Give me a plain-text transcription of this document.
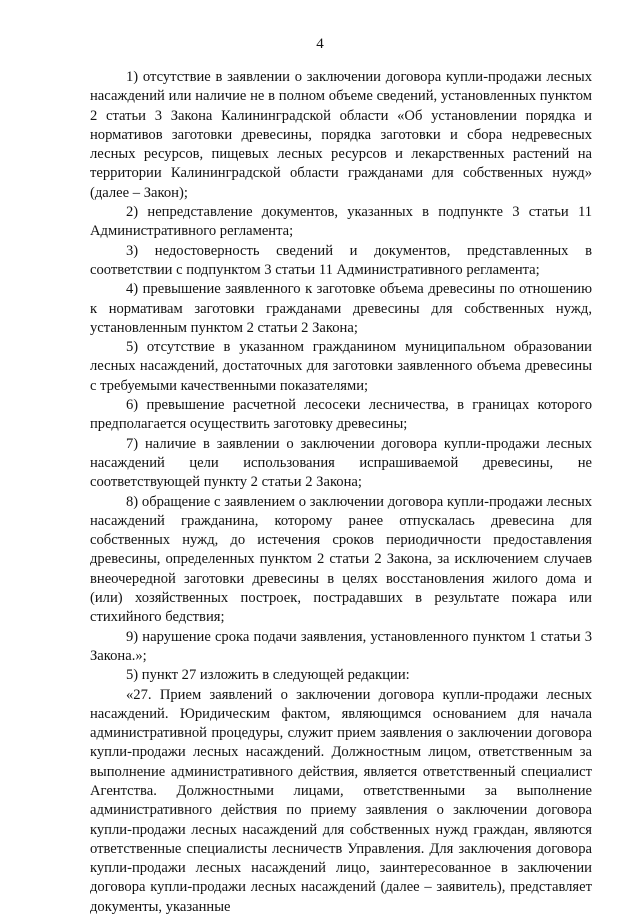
4

1) отсутствие в заявлении о заключении договора купли-продажи лесных насаждений или наличие не в полном объеме сведений, установленных пунктом 2 статьи 3 Закона Калининградской области «Об установлении порядка и нормативов заготовки древесины, порядка заготовки и сбора недревесных лесных ресурсов, пищевых лесных ресурсов и лекарственных растений на территории Калининградской области гражданами для собственных нужд» (далее – Закон);

2) непредставление документов, указанных в подпункте 3 статьи 11 Административного регламента;

3) недостоверность сведений и документов, представленных в соответствии с подпунктом 3 статьи 11 Административного регламента;

4) превышение заявленного к заготовке объема древесины по отношению к нормативам заготовки гражданами древесины для собственных нужд, установленным пунктом 2 статьи 2 Закона;

5) отсутствие в указанном гражданином муниципальном образовании лесных насаждений, достаточных для заготовки заявленного объема древесины с требуемыми качественными показателями;

6) превышение расчетной лесосеки лесничества, в границах которого предполагается осуществить заготовку древесины;

7) наличие в заявлении о заключении договора купли-продажи лесных насаждений цели использования испрашиваемой древесины, не соответствующей пункту 2 статьи 2 Закона;

8) обращение с заявлением о заключении договора купли-продажи лесных насаждений гражданина, которому ранее отпускалась древесина для собственных нужд, до истечения сроков периодичности предоставления древесины, определенных пунктом 2 статьи 2 Закона, за исключением случаев внеочередной заготовки древесины в целях восстановления жилого дома и (или) хозяйственных построек, пострадавших в результате пожара или стихийного бедствия;

9) нарушение срока подачи заявления, установленного пунктом 1 статьи 3 Закона.»;

5) пункт 27 изложить в следующей редакции:

«27. Прием заявлений о заключении договора купли-продажи лесных насаждений. Юридическим фактом, являющимся основанием для начала административной процедуры, служит прием заявления о заключении договора купли-продажи лесных насаждений. Должностным лицом, ответственным за выполнение административного действия, является ответственный специалист Агентства. Должностными лицами, ответственными за выполнение административного действия по приему заявления о заключении договора купли-продажи лесных насаждений для собственных нужд граждан, являются ответственные специалисты лесничеств Управления. Для заключения договора купли-продажи лесных насаждений лицо, заинтересованное в заключении договора купли-продажи лесных насаждений (далее – заявитель), представляет документы, указанные
